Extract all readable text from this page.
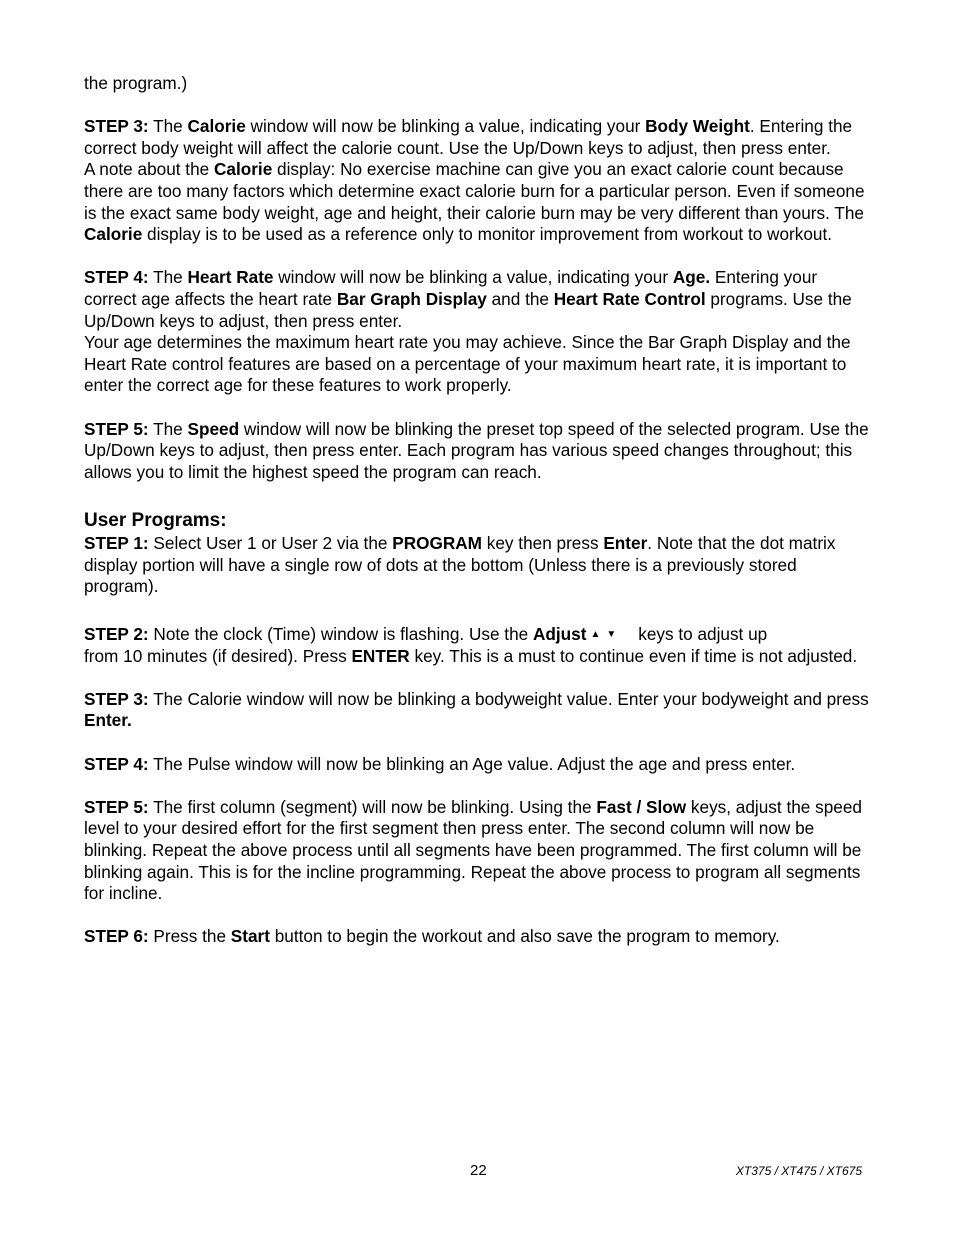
the program.)

STEP 3: The Calorie window will now be blinking a value, indicating your Body Weight. Entering the correct body weight will affect the calorie count. Use the Up/Down keys to adjust, then press enter.

A note about the Calorie display: No exercise machine can give you an exact calorie count because there are too many factors which determine exact calorie burn for a particular person. Even if someone is the exact same body weight, age and height, their calorie burn may be very different than yours. The Calorie display is to be used as a reference only to monitor improvement from workout to workout.

STEP 4: The Heart Rate window will now be blinking a value, indicating your Age. Entering your correct age affects the heart rate Bar Graph Display and the Heart Rate Control programs. Use the Up/Down keys to adjust, then press enter.

Your age determines the maximum heart rate you may achieve. Since the Bar Graph Display and the Heart Rate control features are based on a percentage of your maximum heart rate, it is important to enter the correct age for these features to work properly.

STEP 5: The Speed window will now be blinking the preset top speed of the selected program. Use the Up/Down keys to adjust, then press enter. Each program has various speed changes throughout; this allows you to limit the highest speed the program can reach.

User Programs:

STEP 1: Select User 1 or User 2 via the PROGRAM key then press Enter. Note that the dot matrix display portion will have a single row of dots at the bottom (Unless there is a previously stored program).

STEP 2: Note the clock (Time) window is flashing. Use the Adjust ▲▼ keys to adjust up

from 10 minutes (if desired). Press ENTER key. This is a must to continue even if time is not adjusted.

STEP 3: The Calorie window will now be blinking a bodyweight value. Enter your bodyweight and press Enter.

STEP 4: The Pulse window will now be blinking an Age value. Adjust the age and press enter.

STEP 5: The first column (segment) will now be blinking. Using the Fast / Slow keys, adjust the speed level to your desired effort for the first segment then press enter. The second column will now be blinking. Repeat the above process until all segments have been programmed. The first column will be blinking again. This is for the incline programming. Repeat the above process to program all segments for incline.

STEP 6: Press the Start button to begin the workout and also save the program to memory.

22	XT375 / XT475 / XT675
